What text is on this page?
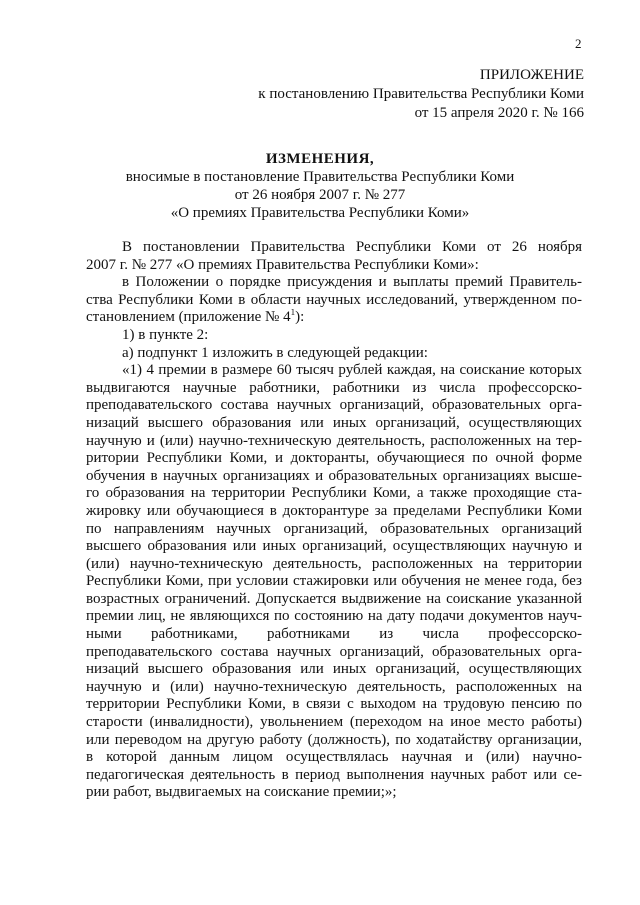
2
ПРИЛОЖЕНИЕ
к постановлению Правительства Республики Коми
от 15 апреля 2020 г. № 166
ИЗМЕНЕНИЯ,
вносимые в постановление Правительства Республики Коми
от 26 ноября 2007 г. № 277
«О премиях Правительства Республики Коми»
В постановлении Правительства Республики Коми от 26 ноября
2007 г. № 277 «О премиях Правительства Республики Коми»:
в Положении о порядке присуждения и выплаты премий Правитель-
ства Республики Коми в области научных исследований, утвержденном по-
становлением (приложение № $4^1$):
1) в пункте 2:
а) подпункт 1 изложить в следующей редакции:
«1) 4 премии в размере 60 тысяч рублей каждая, на соискание которых
выдвигаются научные работники, работники из числа профессорско-
преподавательского состава научных организаций, образовательных орга-
низаций высшего образования или иных организаций, осуществляющих
научную и (или) научно-техническую деятельность, расположенных на тер-
ритории Республики Коми, и докторанты, обучающиеся по очной форме
обучения в научных организациях и образовательных организациях высше-
го образования на территории Республики Коми, а также проходящие ста-
жировку или обучающиеся в докторантуре за пределами Республики Коми
по направлениям научных организаций, образовательных организаций
высшего образования или иных организаций, осуществляющих научную и
(или) научно-техническую деятельность, расположенных на территории
Республики Коми, при условии стажировки или обучения не менее года, без
возрастных ограничений. Допускается выдвижение на соискание указанной
премии лиц, не являющихся по состоянию на дату подачи документов науч-
ными работниками, работниками из числа профессорско-
преподавательского состава научных организаций, образовательных орга-
низаций высшего образования или иных организаций, осуществляющих
научную и (или) научно-техническую деятельность, расположенных на
территории Республики Коми, в связи с выходом на трудовую пенсию по
старости (инвалидности), увольнением (переходом на иное место работы)
или переводом на другую работу (должность), по ходатайству организации,
в которой данным лицом осуществлялась научная и (или) научно-
педагогическая деятельность в период выполнения научных работ или се-
рии работ, выдвигаемых на соискание премии;»;
